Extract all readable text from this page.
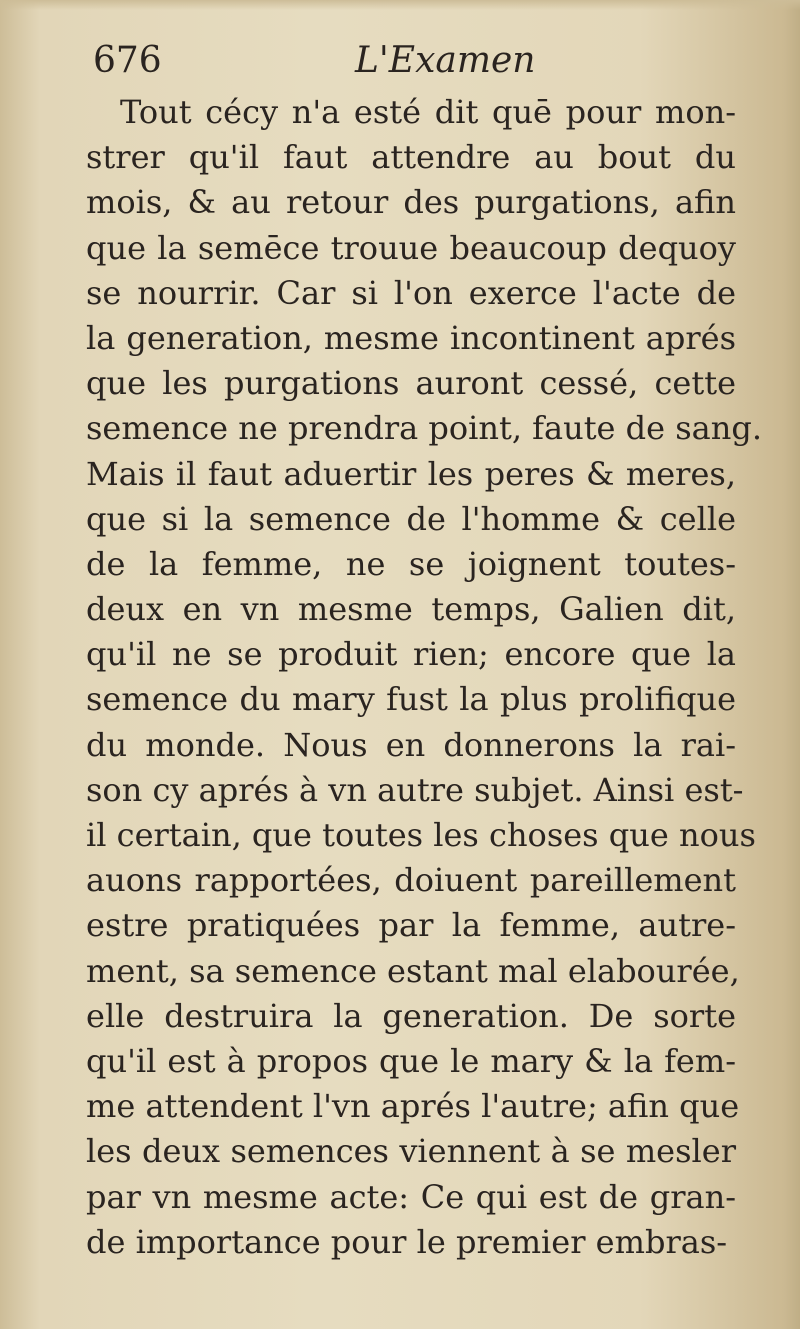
676	L'Examen
Tout cécy n'a esté dit quē pour mon-
strer qu'il faut attendre au bout du
mois, & au retour des purgations, afin
que la semēce trouue beaucoup dequoy
se nourrir. Car si l'on exerce l'acte de
la generation, mesme incontinent aprés
que les purgations auront cessé, cette
semence ne prendra point, faute de sang.
Mais il faut aduertir les peres & meres,
que si la semence de l'homme & celle
de la femme, ne se joignent toutes-
deux en vn mesme temps, Galien dit,
qu'il ne se produit rien; encore que la
semence du mary fust la plus prolifique
du monde. Nous en donnerons la rai-
son cy aprés à vn autre subjet. Ainsi est-
il certain, que toutes les choses que nous
auons rapportées, doiuent pareillement
estre pratiquées par la femme, autre-
ment, sa semence estant mal elabourée,
elle destruira la generation. De sorte
qu'il est à propos que le mary & la fem-
me attendent l'vn aprés l'autre; afin que
les deux semences viennent à se mesler
par vn mesme acte: Ce qui est de gran-
de importance pour le premier embras-
